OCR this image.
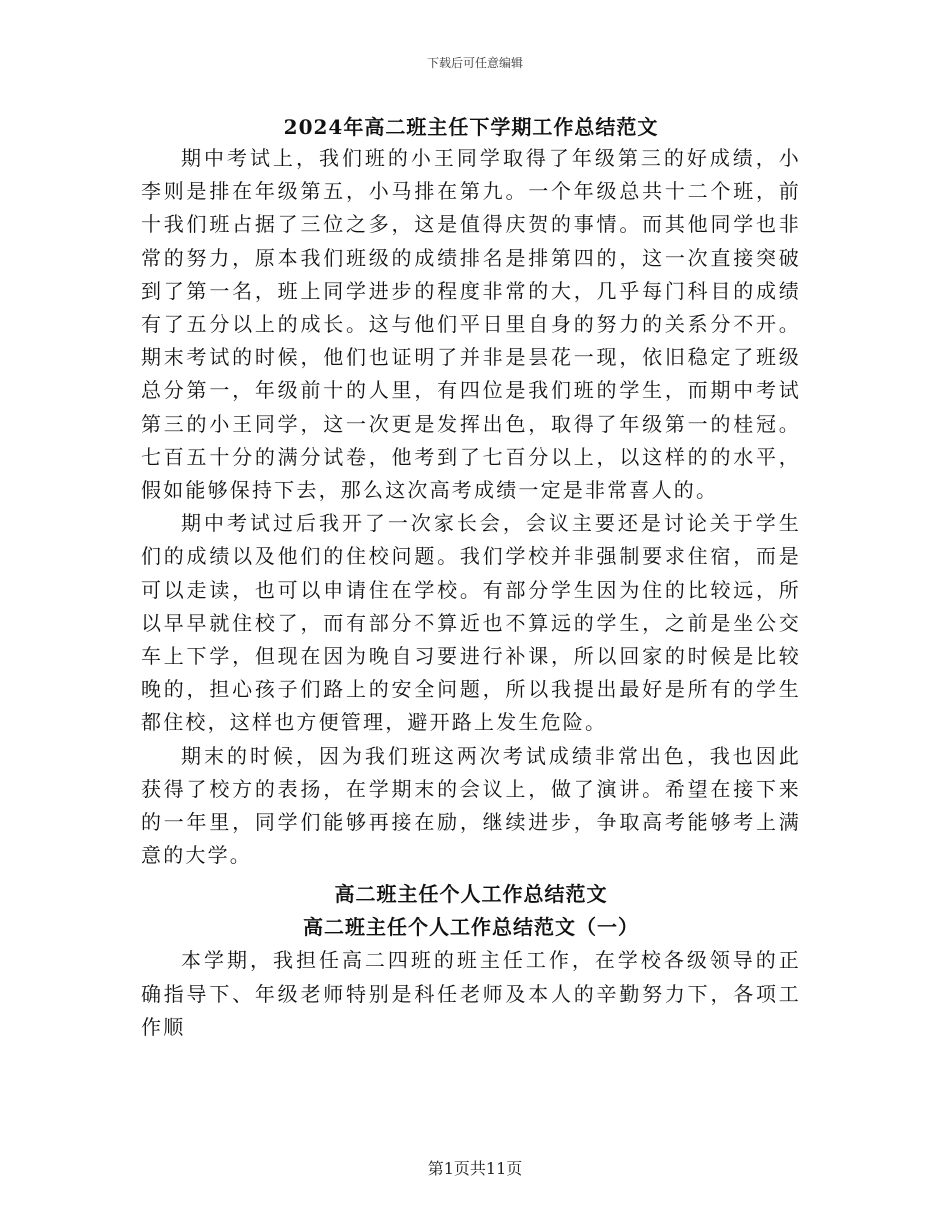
下载后可任意编辑
2024年高二班主任下学期工作总结范文

期中考试上，我们班的小王同学取得了年级第三的好成绩，小李则是排在年级第五，小马排在第九。一个年级总共十二个班，前十我们班占据了三位之多，这是值得庆贺的事情。而其他同学也非常的努力，原本我们班级的成绩排名是排第四的，这一次直接突破到了第一名，班上同学进步的程度非常的大，几乎每门科目的成绩有了五分以上的成长。这与他们平日里自身的努力的关系分不开。期末考试的时候，他们也证明了并非是昙花一现，依旧稳定了班级总分第一，年级前十的人里，有四位是我们班的学生，而期中考试第三的小王同学，这一次更是发挥出色，取得了年级第一的桂冠。七百五十分的满分试卷，他考到了七百分以上，以这样的的水平，假如能够保持下去，那么这次高考成绩一定是非常喜人的。

期中考试过后我开了一次家长会，会议主要还是讨论关于学生们的成绩以及他们的住校问题。我们学校并非强制要求住宿，而是可以走读，也可以申请住在学校。有部分学生因为住的比较远，所以早早就住校了，而有部分不算近也不算远的学生，之前是坐公交车上下学，但现在因为晚自习要进行补课，所以回家的时候是比较晚的，担心孩子们路上的安全问题，所以我提出最好是所有的学生都住校，这样也方便管理，避开路上发生危险。

期末的时候，因为我们班这两次考试成绩非常出色，我也因此获得了校方的表扬，在学期末的会议上，做了演讲。希望在接下来的一年里，同学们能够再接在励，继续进步，争取高考能够考上满意的大学。

高二班主任个人工作总结范文
高二班主任个人工作总结范文（一）

本学期，我担任高二四班的班主任工作，在学校各级领导的正确指导下、年级老师特别是科任老师及本人的辛勤努力下，各项工作顺

第1页共11页
